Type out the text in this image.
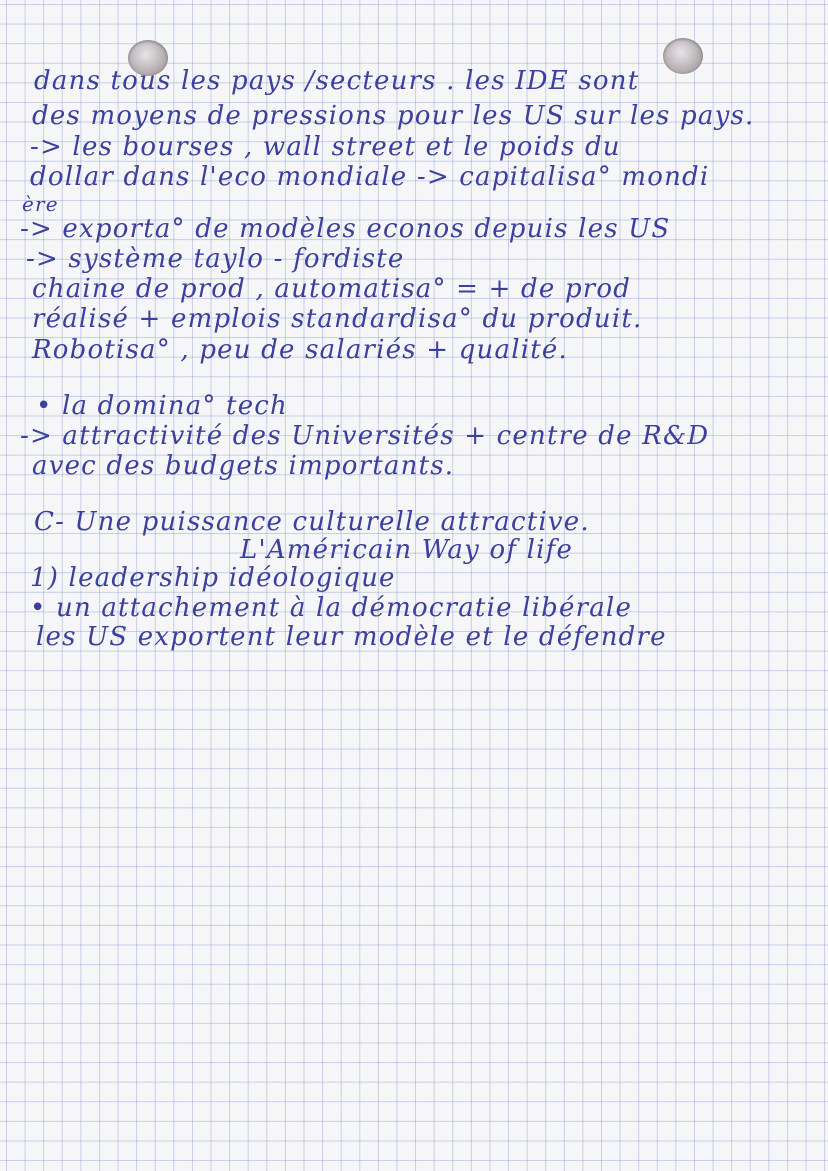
dans tous les pays /secteurs . les IDE sont
des moyens de pressions pour les US sur les pays.
-> les bourses , wall street et le poids du
dollar dans l'eco mondiale -> capitalisa° mondi
ère
-> exporta° de modèles econos depuis les US
-> système taylo - fordiste
chaine de prod , automatisa° = + de prod
réalisé + emplois standardisa° du produit.
Robotisa° , peu de salariés + qualité.
• la domina° tech
-> attractivité des Universités + centre de R&D
avec des budgets importants.
C- Une puissance culturelle attractive.
L'Américain Way of life
1) leadership idéologique
• un attachement à la démocratie libérale
les US exportent leur modèle et le défendre
